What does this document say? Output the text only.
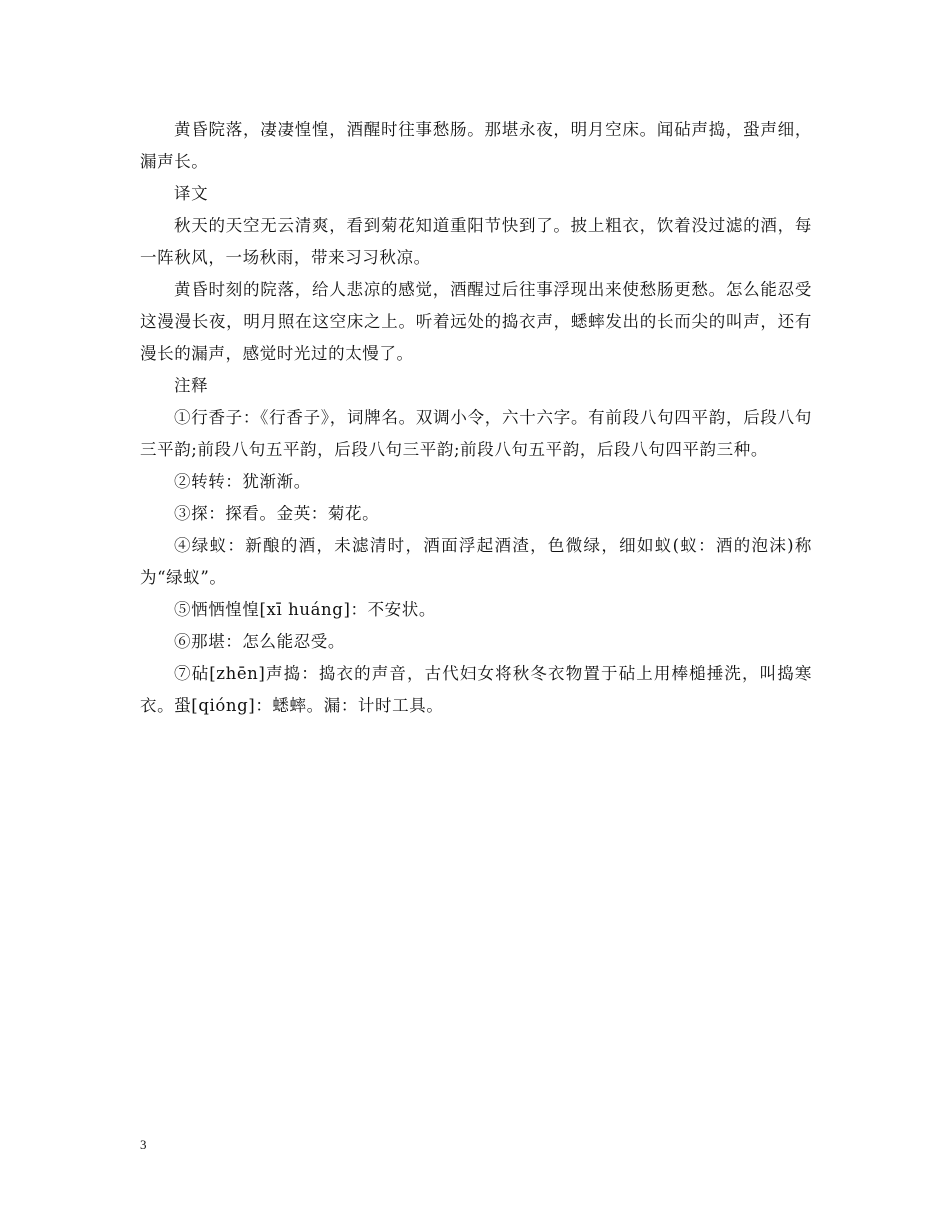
黄昏院落，凄凄惶惶，酒醒时往事愁肠。那堪永夜，明月空床。闻砧声捣，蛩声细，漏声长。

译文

秋天的天空无云清爽，看到菊花知道重阳节快到了。披上粗衣，饮着没过滤的酒，每一阵秋风，一场秋雨，带来习习秋凉。

黄昏时刻的院落，给人悲凉的感觉，酒醒过后往事浮现出来使愁肠更愁。怎么能忍受这漫漫长夜，明月照在这空床之上。听着远处的捣衣声，蟋蟀发出的长而尖的叫声，还有漫长的漏声，感觉时光过的太慢了。

注释

①行香子：《行香子》，词牌名。双调小令，六十六字。有前段八句四平韵，后段八句三平韵;前段八句五平韵，后段八句三平韵;前段八句五平韵，后段八句四平韵三种。

②转转：犹渐渐。

③探：探看。金英：菊花。

④绿蚁：新酿的酒，未滤清时，酒面浮起酒渣，色微绿，细如蚁(蚁：酒的泡沫)称为“绿蚁”。

⑤恓恓惶惶[xī huáng]：不安状。

⑥那堪：怎么能忍受。

⑦砧[zhēn]声捣：捣衣的声音，古代妇女将秋冬衣物置于砧上用棒槌捶洗，叫捣寒衣。蛩[qióng]：蟋蟀。漏：计时工具。

3
